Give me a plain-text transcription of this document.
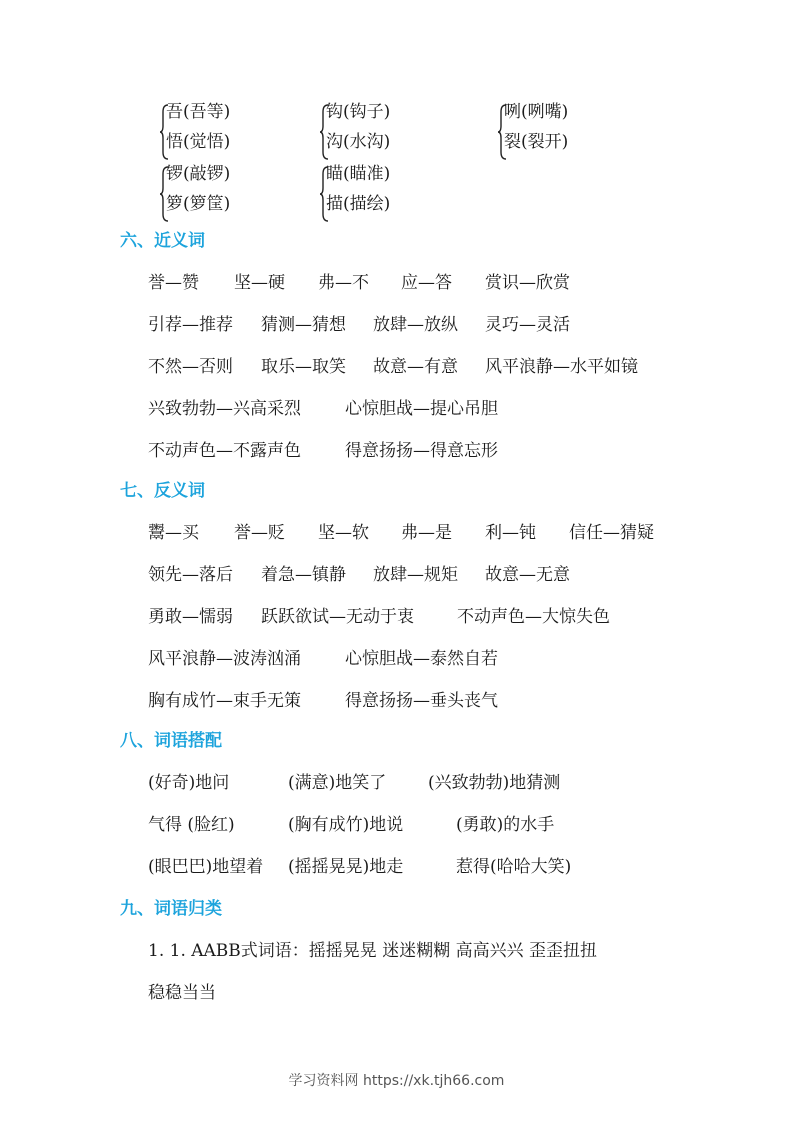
吾(吾等)
悟(觉悟)
钩(钩子)
沟(水沟)
咧(咧嘴)
裂(裂开)
锣(敲锣)
箩(箩筐)
瞄(瞄准)
描(描绘)
六、近义词
誉—赞 坚—硬 弗—不 应—答 赏识—欣赏
引荐—推荐 猜测—猜想 放肆—放纵 灵巧—灵活
不然—否则 取乐—取笑 故意—有意 风平浪静—水平如镜
兴致勃勃—兴高采烈	心惊胆战—提心吊胆
不动声色—不露声色	得意扬扬—得意忘形
七、反义词
鬻—买 誉—贬 坚—软 弗—是 利—钝 信任—猜疑
领先—落后 着急—镇静 放肆—规矩 故意—无意
勇敢—懦弱 跃跃欲试—无动于衷	不动声色—大惊失色
风平浪静—波涛汹涌	心惊胆战—泰然自若
胸有成竹—束手无策	得意扬扬—垂头丧气
八、词语搭配
(好奇)地问	(满意)地笑了 (兴致勃勃)地猜测
气得 (脸红)	(胸有成竹)地说	(勇敢)的水手
(眼巴巴)地望着 (摇摇晃晃)地走	惹得(哈哈大笑)
九、词语归类
1. 1. AABB式词语：摇摇晃晃 迷迷糊糊 高高兴兴 歪歪扭扭
稳稳当当
学习资料网 https://xk.tjh66.com
